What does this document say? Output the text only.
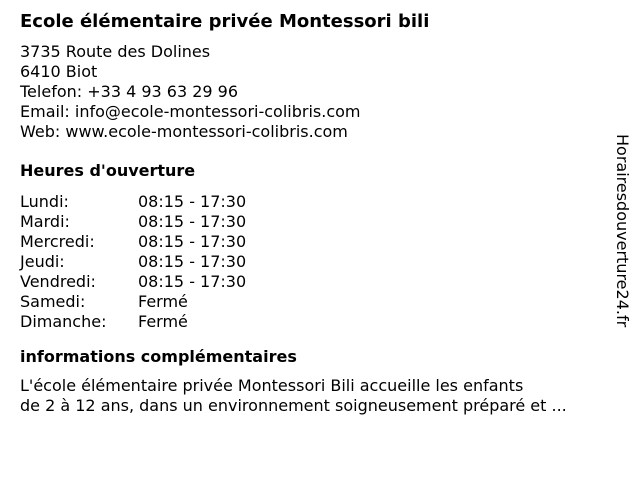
Ecole élémentaire privée Montessori bili
3735 Route des Dolines
6410 Biot
Telefon: +33 4 93 63 29 96
Email: info@ecole-montessori-colibris.com
Web: www.ecole-montessori-colibris.com
Heures d'ouverture
Lundi:	08:15 - 17:30
Mardi:	08:15 - 17:30
Mercredi:	08:15 - 17:30
Jeudi:	08:15 - 17:30
Vendredi:	08:15 - 17:30
Samedi:	Fermé
Dimanche:	Fermé
informations complémentaires
L'école élémentaire privée Montessori Bili accueille les enfants
de 2 à 12 ans, dans un environnement soigneusement préparé et ...
Horairesdouverture24.fr
